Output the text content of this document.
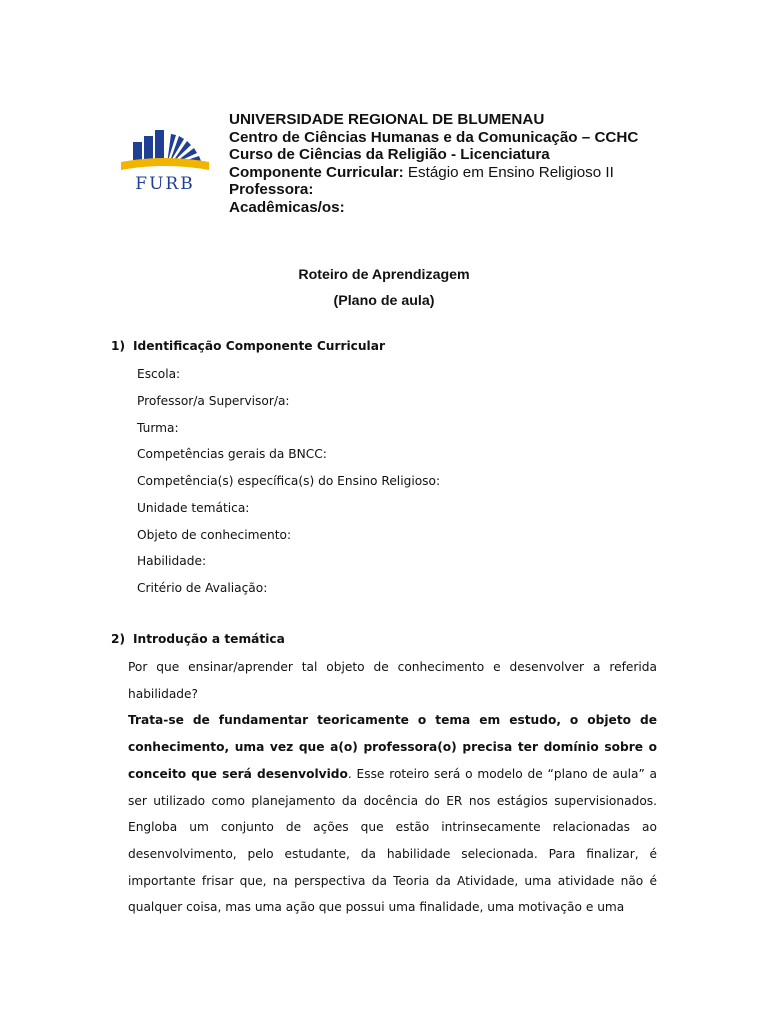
FURB
UNIVERSIDADE REGIONAL DE BLUMENAU
Centro de Ciências Humanas e da Comunicação – CCHC
Curso de Ciências da Religião - Licenciatura
Componente Curricular: Estágio em Ensino Religioso II
Professora:
Acadêmicas/os:
Roteiro de Aprendizagem
(Plano de aula)
1) Identificação Componente Curricular
Escola:
Professor/a Supervisor/a:
Turma:
Competências gerais da BNCC:
Competência(s) específica(s) do Ensino Religioso:
Unidade temática:
Objeto de conhecimento:
Habilidade:
Critério de Avaliação:
2) Introdução a temática

Por que ensinar/aprender tal objeto de conhecimento e desenvolver a referida habilidade?

Trata-se de fundamentar teoricamente o tema em estudo, o objeto de conhecimento, uma vez que a(o) professora(o) precisa ter domínio sobre o conceito que será desenvolvido. Esse roteiro será o modelo de “plano de aula” a ser utilizado como planejamento da docência do ER nos estágios supervisionados. Engloba um conjunto de ações que estão intrinsecamente relacionadas ao desenvolvimento, pelo estudante, da habilidade selecionada. Para finalizar, é importante frisar que, na perspectiva da Teoria da Atividade, uma atividade não é qualquer coisa, mas uma ação que possui uma finalidade, uma motivação e uma
